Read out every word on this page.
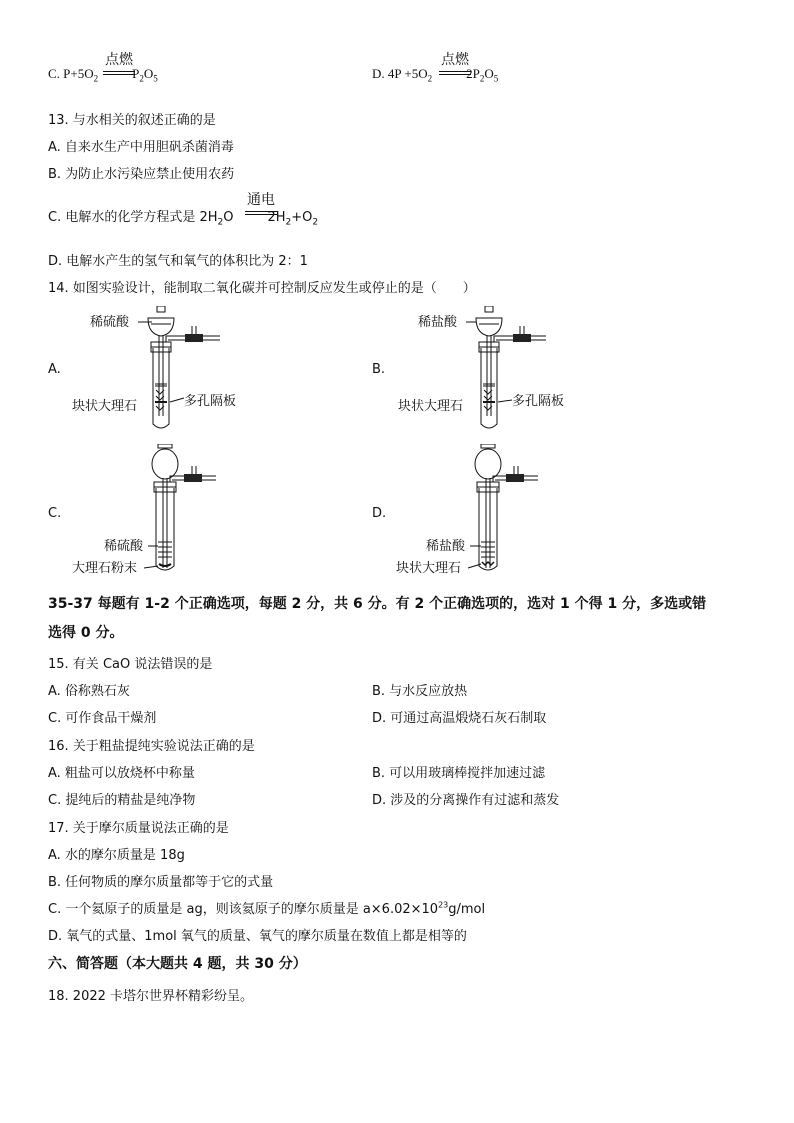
C. $P+5O_2$	$P_2O_5$
点燃
D. $4P +5O_2$	$2P_2O_5$
点燃
13. 与水相关的叙述正确的是
A. 自来水生产中用胆矾杀菌消毒
B. 为防止水污染应禁止使用农药
C. 电解水的化学方程式是 $2H_2O$	$2H_2+O_2$
通电
D. 电解水产生的氢气和氧气的体积比为 2：1
14. 如图实验设计，能制取二氧化碳并可控制反应发生或停止的是（　　）
A.
稀硫酸
块状大理石	多孔隔板
B.
稀盐酸
块状大理石	多孔隔板
C.
稀硫酸
大理石粉末
D.
稀盐酸
块状大理石
35-37 每题有 1-2 个正确选项，每题 2 分，共 6 分。有 2 个正确选项的，选对 1 个得 1 分，多选或错
选得 0 分。
15. 有关 CaO 说法错误的是
A. 俗称熟石灰	B. 与水反应放热
C. 可作食品干燥剂	D. 可通过高温煅烧石灰石制取
16. 关于粗盐提纯实验说法正确的是
A. 粗盐可以放烧杯中称量	B. 可以用玻璃棒搅拌加速过滤
C. 提纯后的精盐是纯净物	D. 涉及的分离操作有过滤和蒸发
17. 关于摩尔质量说法正确的是
A. 水的摩尔质量是 18g
B. 任何物质的摩尔质量都等于它的式量
C. 一个氦原子的质量是 ag，则该氦原子的摩尔质量是 $a\times 6.02\times 10^{23}g$/mol
D. 氧气的式量、1mol 氧气的质量、氧气的摩尔质量在数值上都是相等的
六、简答题（本大题共 4 题，共 30 分）
18. 2022 卡塔尔世界杯精彩纷呈。
